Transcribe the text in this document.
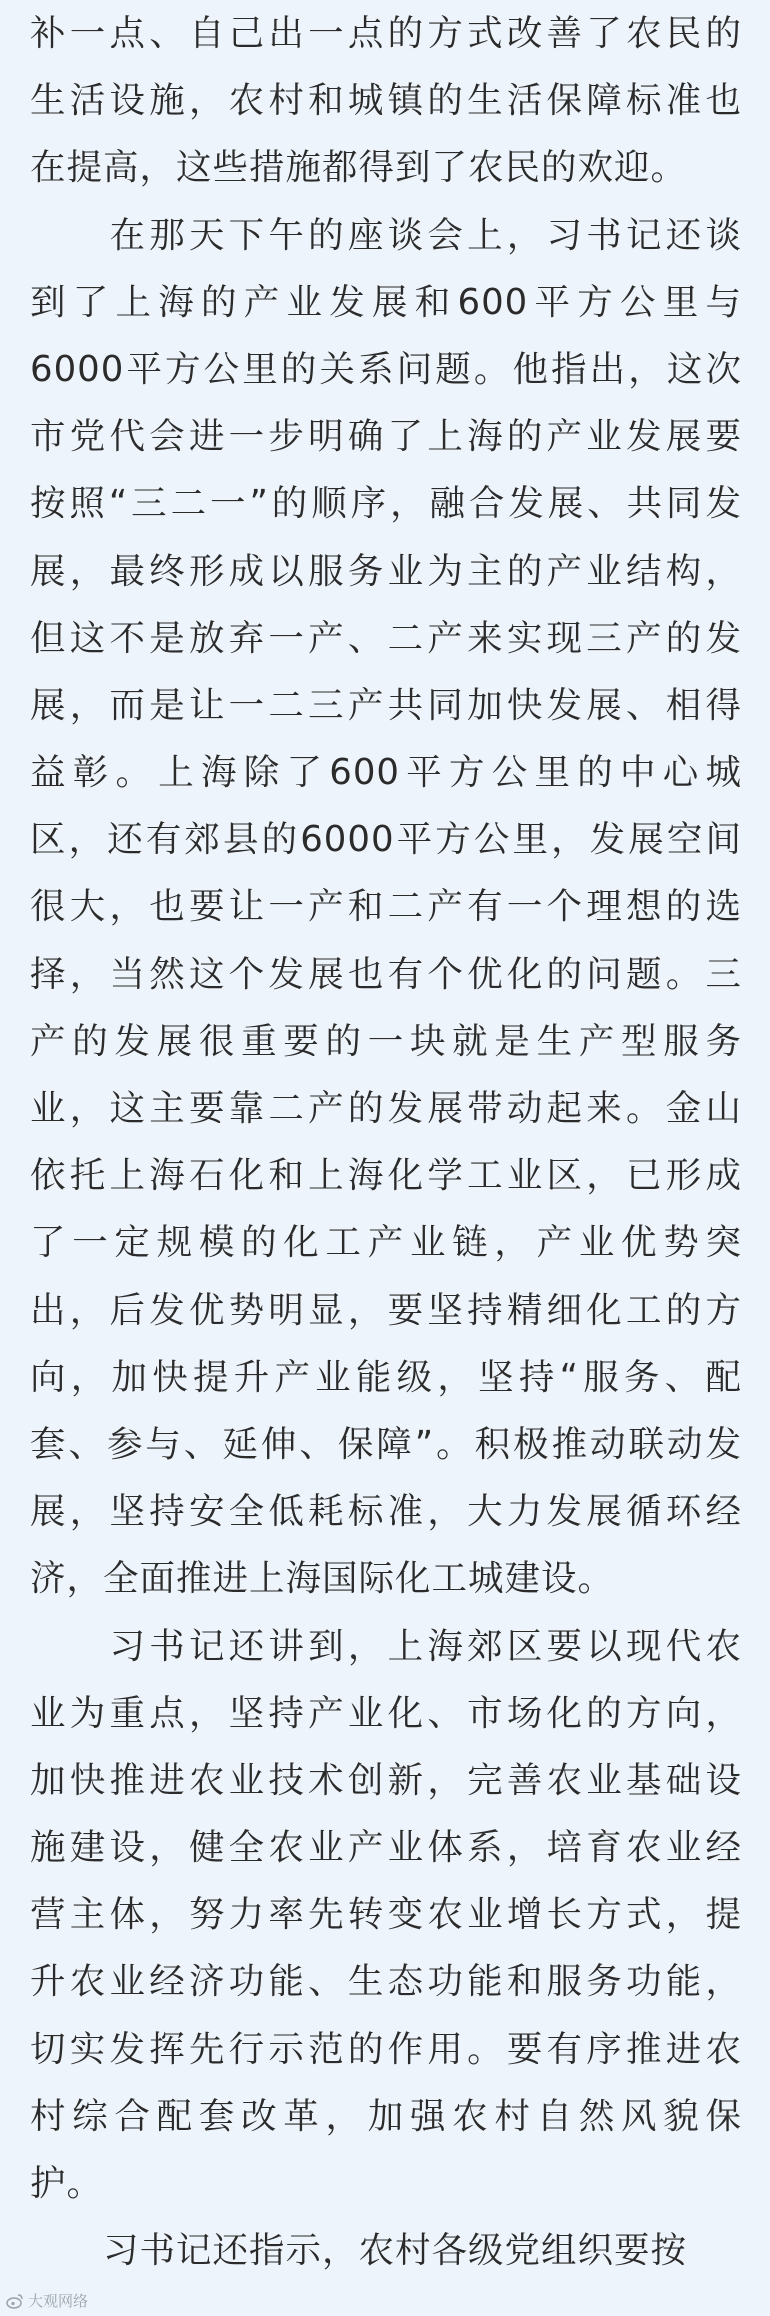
补一点、自己出一点的方式改善了农民的
生活设施，农村和城镇的生活保障标准也
在提高，这些措施都得到了农民的欢迎。
　　在那天下午的座谈会上，习书记还谈
到了上海的产业发展和600平方公里与
6000平方公里的关系问题。他指出，这次
市党代会进一步明确了上海的产业发展要
按照“三二一”的顺序，融合发展、共同发
展，最终形成以服务业为主的产业结构，
但这不是放弃一产、二产来实现三产的发
展，而是让一二三产共同加快发展、相得
益彰。上海除了600平方公里的中心城
区，还有郊县的6000平方公里，发展空间
很大，也要让一产和二产有一个理想的选
择，当然这个发展也有个优化的问题。三
产的发展很重要的一块就是生产型服务
业，这主要靠二产的发展带动起来。金山
依托上海石化和上海化学工业区，已形成
了一定规模的化工产业链，产业优势突
出，后发优势明显，要坚持精细化工的方
向，加快提升产业能级，坚持“服务、配
套、参与、延伸、保障”。积极推动联动发
展，坚持安全低耗标准，大力发展循环经
济，全面推进上海国际化工城建设。
　　习书记还讲到，上海郊区要以现代农
业为重点，坚持产业化、市场化的方向，
加快推进农业技术创新，完善农业基础设
施建设，健全农业产业体系，培育农业经
营主体，努力率先转变农业增长方式，提
升农业经济功能、生态功能和服务功能，
切实发挥先行示范的作用。要有序推进农
村综合配套改革，加强农村自然风貌保
护。
　　习书记还指示，农村各级党组织要按
大观网络
